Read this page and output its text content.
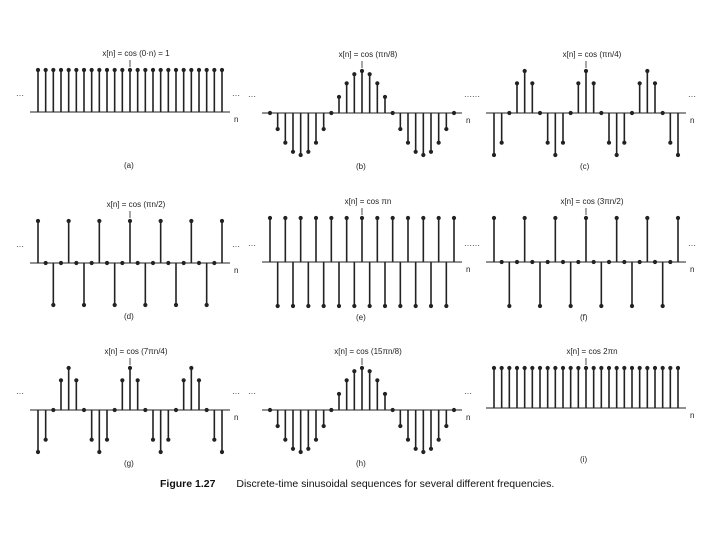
···	···
n
x[n] = cos (0·n) = 1
(a)
···	···
n
x[n] = cos (πn/8)
(b)
···	···
n
x[n] = cos (πn/4)
(c)
···	···
n
x[n] = cos (πn/2)
(d)
···	···
n
x[n] = cos πn
(e)
···	···
n
x[n] = cos (3πn/2)
(f)
···	···
n
x[n] = cos (7πn/4)
(g)
···	···
n
x[n] = cos (15πn/8)
(h)
n
x[n] = cos 2πn
(i)
Figure 1.27 Discrete-time sinusoidal sequences for several different frequencies.
